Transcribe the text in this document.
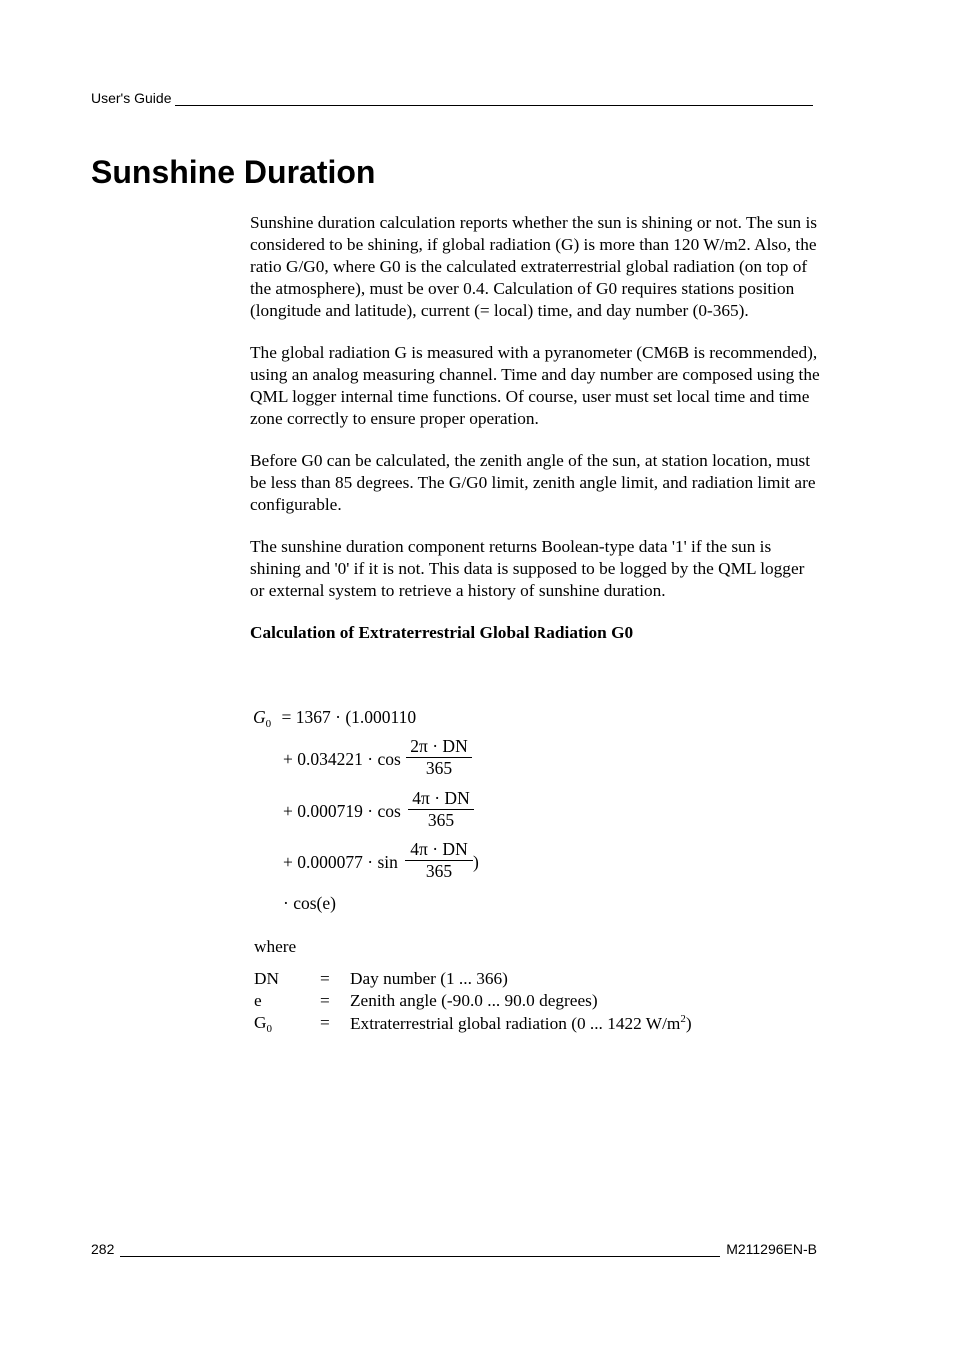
User's Guide
Sunshine Duration

Sunshine duration calculation reports whether the sun is shining or not. The sun is considered to be shining, if global radiation (G) is more than 120 W/m2. Also, the ratio G/G0, where G0 is the calculated extraterrestrial global radiation (on top of the atmosphere), must be over 0.4. Calculation of G0 requires stations position (longitude and latitude), current (= local) time, and day number (0-365).

The global radiation G is measured with a pyranometer (CM6B is recommended), using an analog measuring channel. Time and day number are composed using the QML logger internal time functions. Of course, user must set local time and time zone correctly to ensure proper operation.

Before G0 can be calculated, the zenith angle of the sun, at station location, must be less than 85 degrees. The G/G0 limit, zenith angle limit, and radiation limit are configurable.

The sunshine duration component returns Boolean-type data '1' if the sun is shining and '0' if it is not. This data is supposed to be logged by the QML logger or external system to retrieve a history of sunshine duration.

Calculation of Extraterrestrial Global Radiation G0
$G_0 = 1367 \cdot (1.000110$
+ 0.034221 · cos
2π · DN
365
+ 0.000719 · cos
4π · DN
365
+ 0.000077 · sin
4π · DN
365	)
· cos(e)
where
DN = Day number (1 ... 366)
e	= Zenith angle (-90.0 ... 90.0 degrees)
$G_0$	= Extraterrestrial global radiation (0 ... 1422 $W/m^2$)
282	M211296EN-B
